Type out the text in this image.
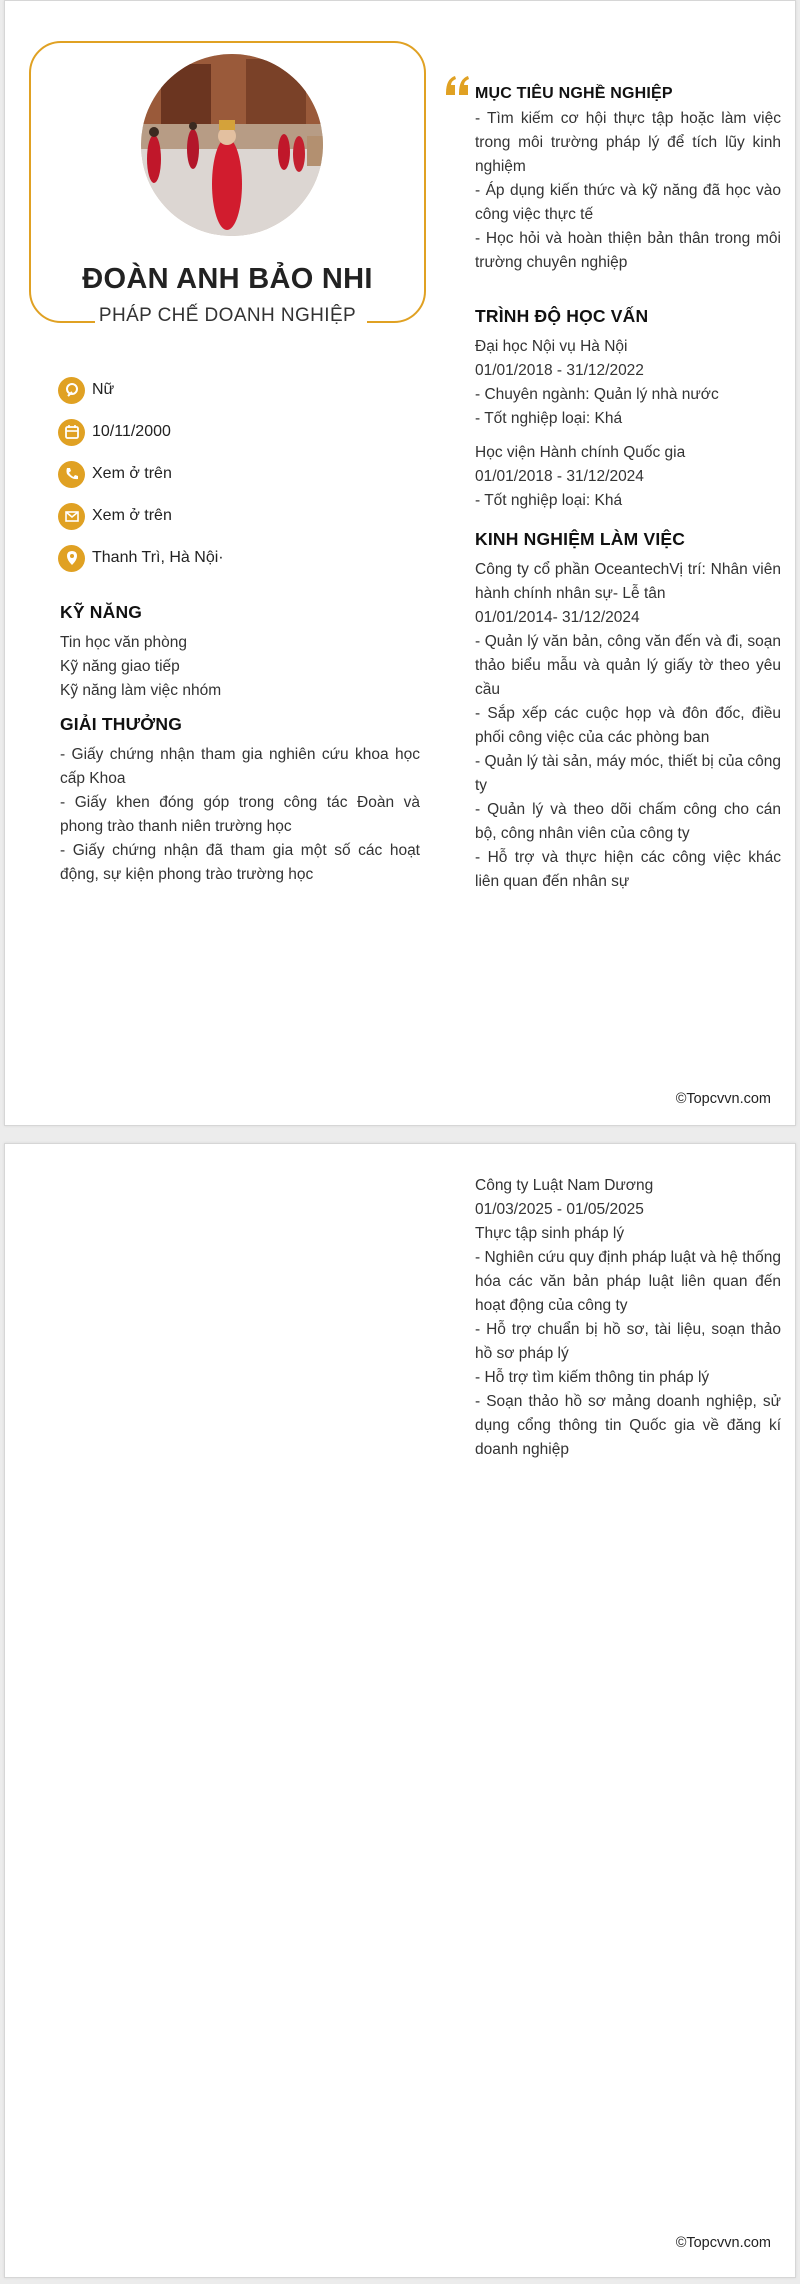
ĐOÀN ANH BẢO NHI
PHÁP CHẾ DOANH NGHIỆP
Nữ
10/11/2000
Xem ở trên
Xem ở trên
Thanh Trì, Hà Nội·
KỸ NĂNG
Tin học văn phòng
Kỹ năng giao tiếp
Kỹ năng làm việc nhóm
GIẢI THƯỞNG
- Giấy chứng nhận tham gia nghiên cứu khoa học cấp Khoa
- Giấy khen đóng góp trong công tác Đoàn và phong trào thanh niên trường học
- Giấy chứng nhận đã tham gia một số các hoạt động, sự kiện phong trào trường học
MỤC TIÊU NGHỀ NGHIỆP
- Tìm kiếm cơ hội thực tập hoặc làm việc trong môi trường pháp lý để tích lũy kinh nghiệm
- Áp dụng kiến thức và kỹ năng đã học vào công việc thực tế
- Học hỏi và hoàn thiện bản thân trong môi trường chuyên nghiệp
TRÌNH ĐỘ HỌC VẤN
Đại học Nội vụ Hà Nội
01/01/2018 - 31/12/2022
- Chuyên ngành: Quản lý nhà nước
- Tốt nghiệp loại: Khá
Học viện Hành chính Quốc gia
01/01/2018 - 31/12/2024
- Tốt nghiệp loại: Khá
KINH NGHIỆM LÀM VIỆC
Công ty cổ phần OceantechVị trí: Nhân viên hành chính nhân sự- Lễ tân
01/01/2014- 31/12/2024
- Quản lý văn bản, công văn đến và đi, soạn thảo biểu mẫu và quản lý giấy tờ theo yêu cầu
- Sắp xếp các cuộc họp và đôn đốc, điều phối công việc của các phòng ban
- Quản lý tài sản, máy móc, thiết bị của công ty
- Quản lý và theo dõi chấm công cho cán bộ, công nhân viên của công ty
- Hỗ trợ và thực hiện các công việc khác liên quan đến nhân sự
©Topcvvn.com
Công ty Luật Nam Dương
01/03/2025 - 01/05/2025
Thực tập sinh pháp lý
- Nghiên cứu quy định pháp luật và hệ thống hóa các văn bản pháp luật liên quan đến hoạt động của công ty
- Hỗ trợ chuẩn bị hồ sơ, tài liệu, soạn thảo hồ sơ pháp lý
- Hỗ trợ tìm kiếm thông tin pháp lý
- Soạn thảo hồ sơ mảng doanh nghiệp, sử dụng cổng thông tin Quốc gia về đăng kí doanh nghiệp
©Topcvvn.com
